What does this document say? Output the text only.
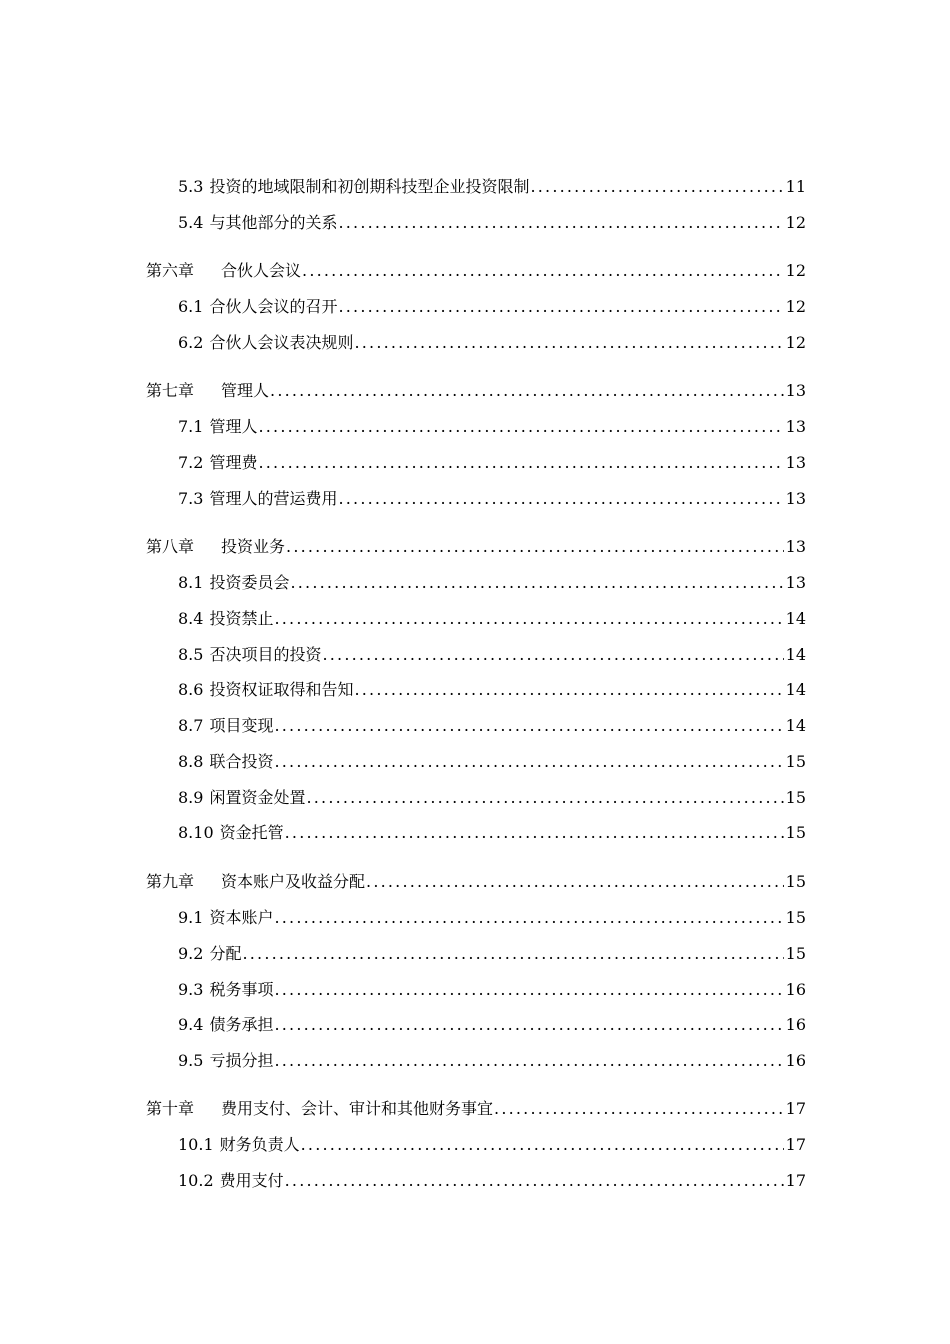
5.3 投资的地域限制和初创期科技型企业投资限制 .....	11
5.4 与其他部分的关系 .....	12
第六章 合伙人会议 .....	12
6.1 合伙人会议的召开 .....	12
6.2 合伙人会议表决规则 .....	12
第七章 管理人 .....	13
7.1 管理人 .....	13
7.2 管理费 .....	13
7.3 管理人的营运费用 .....	13
第八章 投资业务 .....	13
8.1 投资委员会 .....	13
8.4 投资禁止 .....	14
8.5 否决项目的投资 .....	14
8.6 投资权证取得和告知 .....	14
8.7 项目变现 .....	14
8.8 联合投资 .....	15
8.9 闲置资金处置 .....	15
8.10 资金托管 .....	15
第九章 资本账户及收益分配 .....	15
9.1 资本账户 .....	15
9.2 分配 .....	15
9.3 税务事项 .....	16
9.4 债务承担 .....	16
9.5 亏损分担 .....	16
第十章 费用支付、会计、审计和其他财务事宜 .....	17
10.1 财务负责人 .....	17
10.2 费用支付 .....	17
